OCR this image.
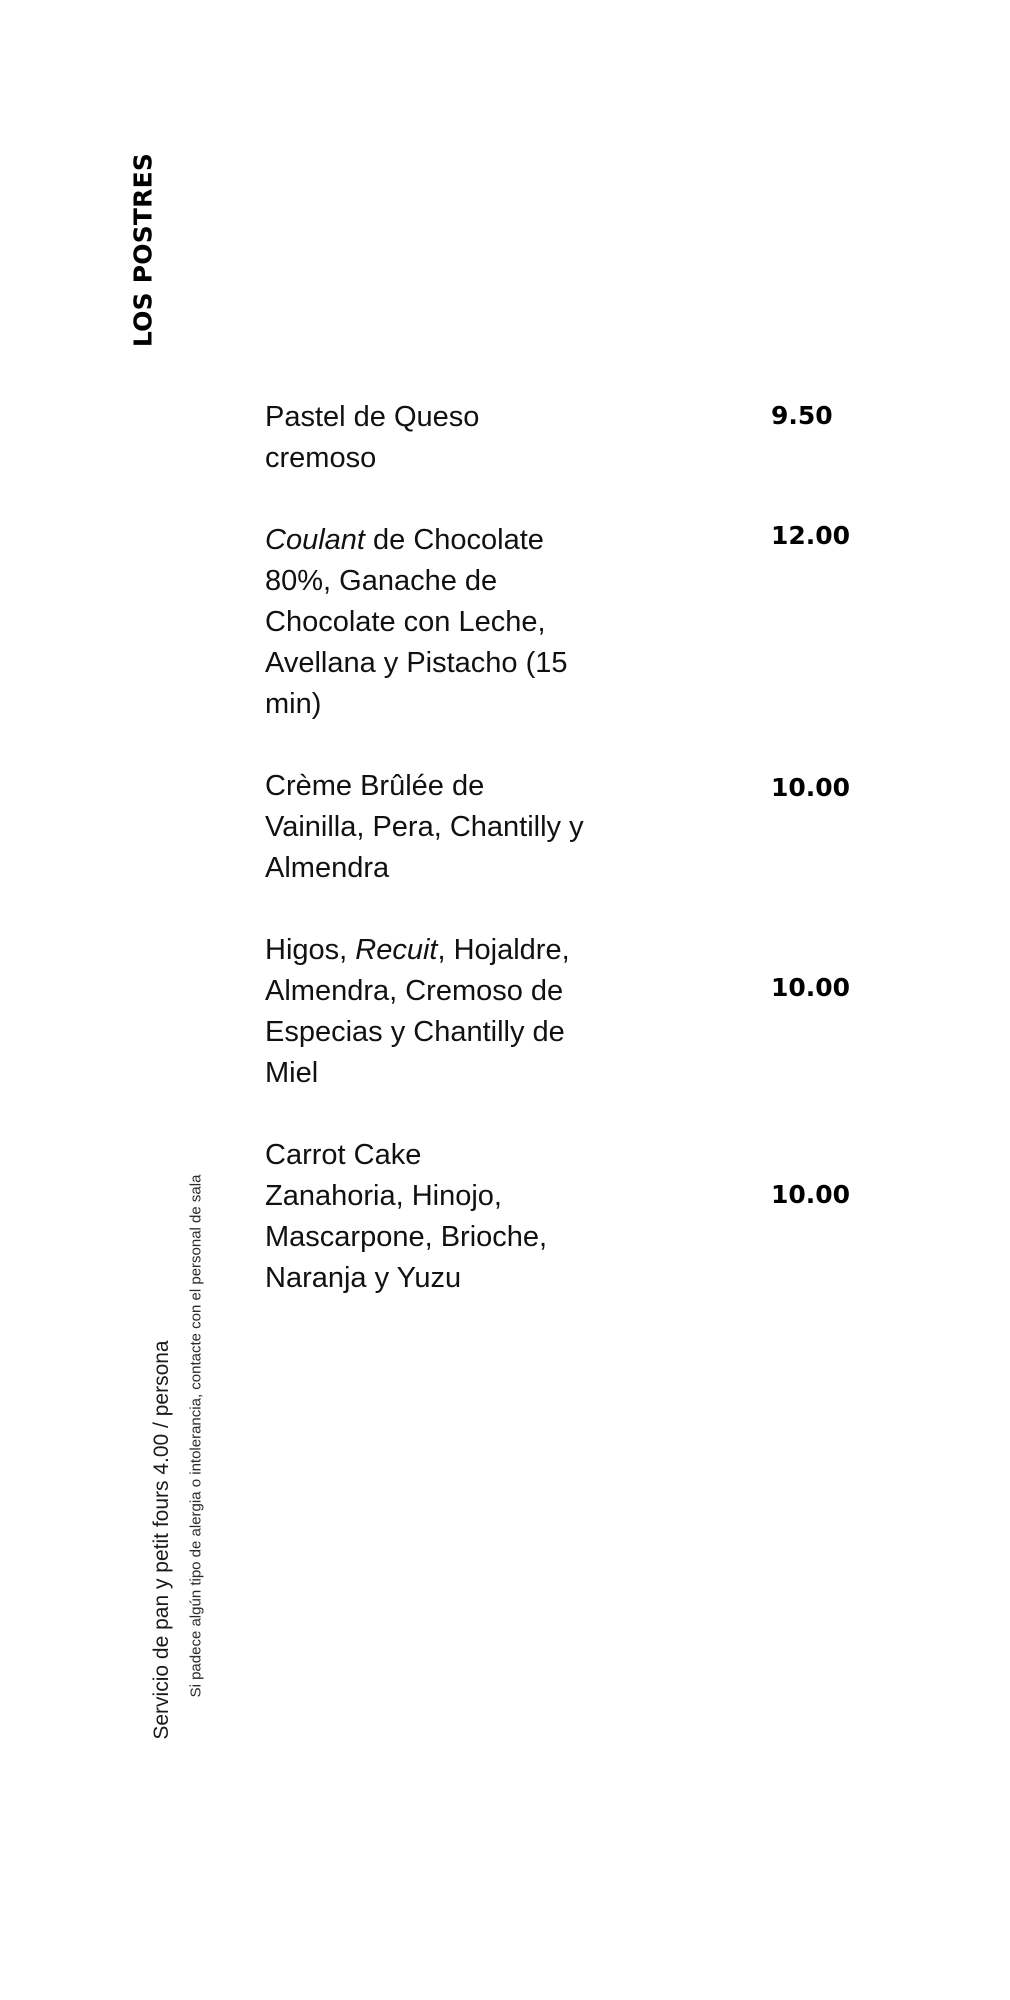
LOS POSTRES
Servicio de pan y petit fours 4.00 / persona Si padece algún tipo de alergia o intolerancia, contacte con el personal de sala
Pastel de Queso
cremoso
9.50
Coulant de Chocolate
80%, Ganache de
Chocolate con Leche,
Avellana y Pistacho (15
min)
12.00
Crème Brûlée de
Vainilla, Pera, Chantilly y
Almendra
10.00
Higos, Recuit, Hojaldre,
Almendra, Cremoso de
Especias y Chantilly de
Miel
10.00
Carrot Cake
Zanahoria, Hinojo,
Mascarpone, Brioche,
Naranja y Yuzu
10.00
